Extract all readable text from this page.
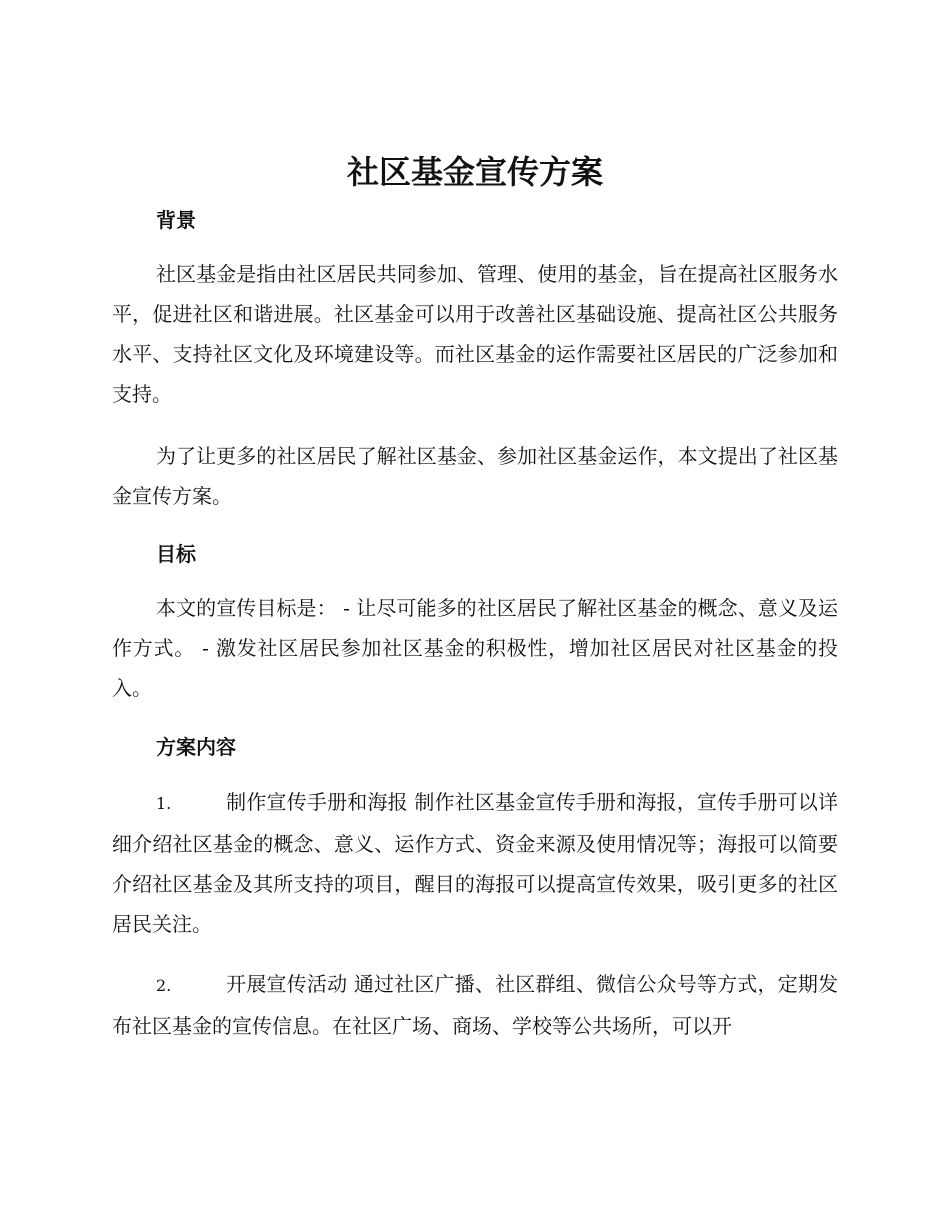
社区基金宣传方案
背景

社区基金是指由社区居民共同参加、管理、使用的基金，旨在提高社区服务水平，促进社区和谐进展。社区基金可以用于改善社区基础设施、提高社区公共服务水平、支持社区文化及环境建设等。而社区基金的运作需要社区居民的广泛参加和支持。

为了让更多的社区居民了解社区基金、参加社区基金运作，本文提出了社区基金宣传方案。

目标

本文的宣传目标是： - 让尽可能多的社区居民了解社区基金的概念、意义及运作方式。 - 激发社区居民参加社区基金的积极性，增加社区居民对社区基金的投入。

方案内容

1.	制作宣传手册和海报 制作社区基金宣传手册和海报，宣传手册可以详细介绍社区基金的概念、意义、运作方式、资金来源及使用情况等；海报可以简要介绍社区基金及其所支持的项目，醒目的海报可以提高宣传效果，吸引更多的社区居民关注。

2.	开展宣传活动 通过社区广播、社区群组、微信公众号等方式，定期发布社区基金的宣传信息。在社区广场、商场、学校等公共场所，可以开
